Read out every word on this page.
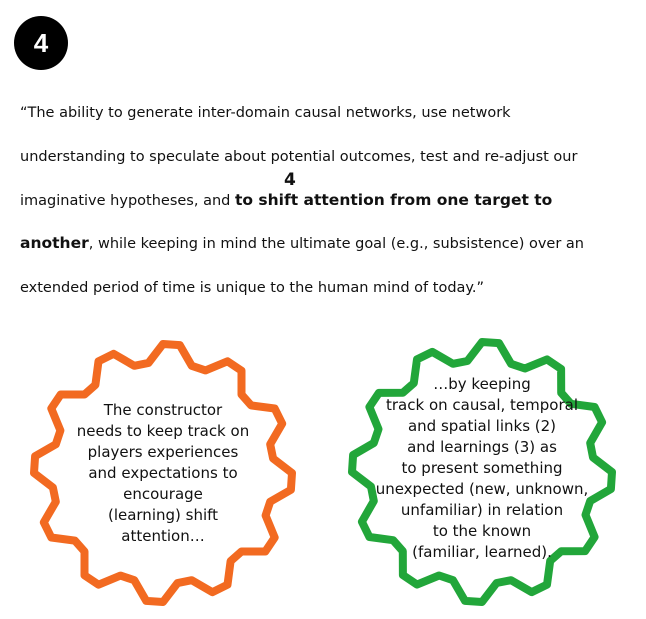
4
“The ability to generate inter-domain causal networks, use network
understanding to speculate about potential outcomes, test and re-adjust our
imaginative hypotheses, and to shift attention from one target to
another, while keeping in mind the ultimate goal (e.g., subsistence) over an
extended period of time is unique to the human mind of today.”
4
The constructor
needs to keep track on
players experiences
and expectations to
encourage
(learning) shift
attention…
…by keeping
track on causal, temporal
and spatial links (2)
and learnings (3) as
to present something
unexpected (new, unknown,
unfamiliar) in relation
to the known
(familiar, learned).
